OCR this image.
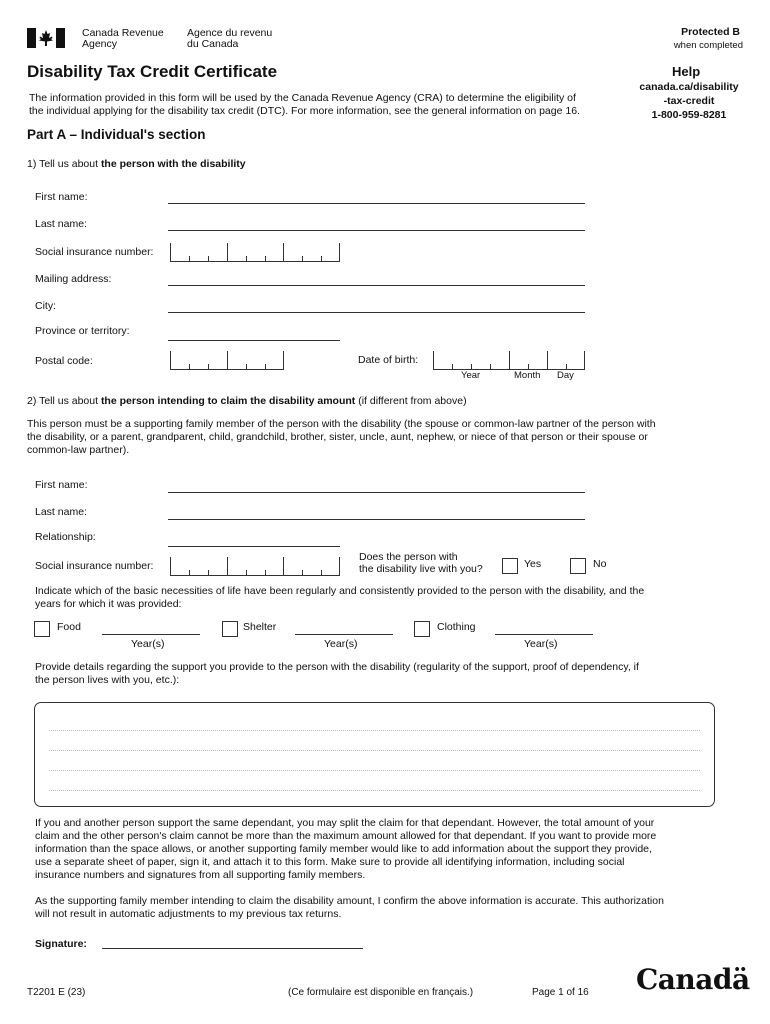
Canada Revenue
Agency
Agence du revenu
du Canada
Protected B
when completed
Disability Tax Credit Certificate	Help
canada.ca/disability
-tax-credit
1-800-959-8281
The information provided in this form will be used by the Canada Revenue Agency (CRA) to determine the eligibility of
the individual applying for the disability tax credit (DTC). For more information, see the general information on page 16.
Part A – Individual's section
1) Tell us about the person with the disability
First name:
Last name:
Social insurance number:
Mailing address:
City:
Province or territory:
Postal code:	Date of birth:
Year	Month Day
2) Tell us about the person intending to claim the disability amount (if different from above)
This person must be a supporting family member of the person with the disability (the spouse or common-law partner of the person with
the disability, or a parent, grandparent, child, grandchild, brother, sister, uncle, aunt, nephew, or niece of that person or their spouse or
common-law partner).
First name:
Last name:
Relationship:
Social insurance number:
Does the person with
the disability live with you?	Yes	No
Indicate which of the basic necessities of life have been regularly and consistently provided to the person with the disability, and the
years for which it was provided:
Food
Year(s)
Shelter
Year(s)
Clothing
Year(s)
Provide details regarding the support you provide to the person with the disability (regularity of the support, proof of dependency, if
the person lives with you, etc.):
If you and another person support the same dependant, you may split the claim for that dependant. However, the total amount of your
claim and the other person's claim cannot be more than the maximum amount allowed for that dependant. If you want to provide more
information than the space allows, or another supporting family member would like to add information about the support they provide,
use a separate sheet of paper, sign it, and attach it to this form. Make sure to provide all identifying information, including social
insurance numbers and signatures from all supporting family members.
As the supporting family member intending to claim the disability amount, I confirm the above information is accurate. This authorization
will not result in automatic adjustments to my previous tax returns.
Signature:
T2201 E (23)	(Ce formulaire est disponible en français.)	Page 1 of 16 Canadä
